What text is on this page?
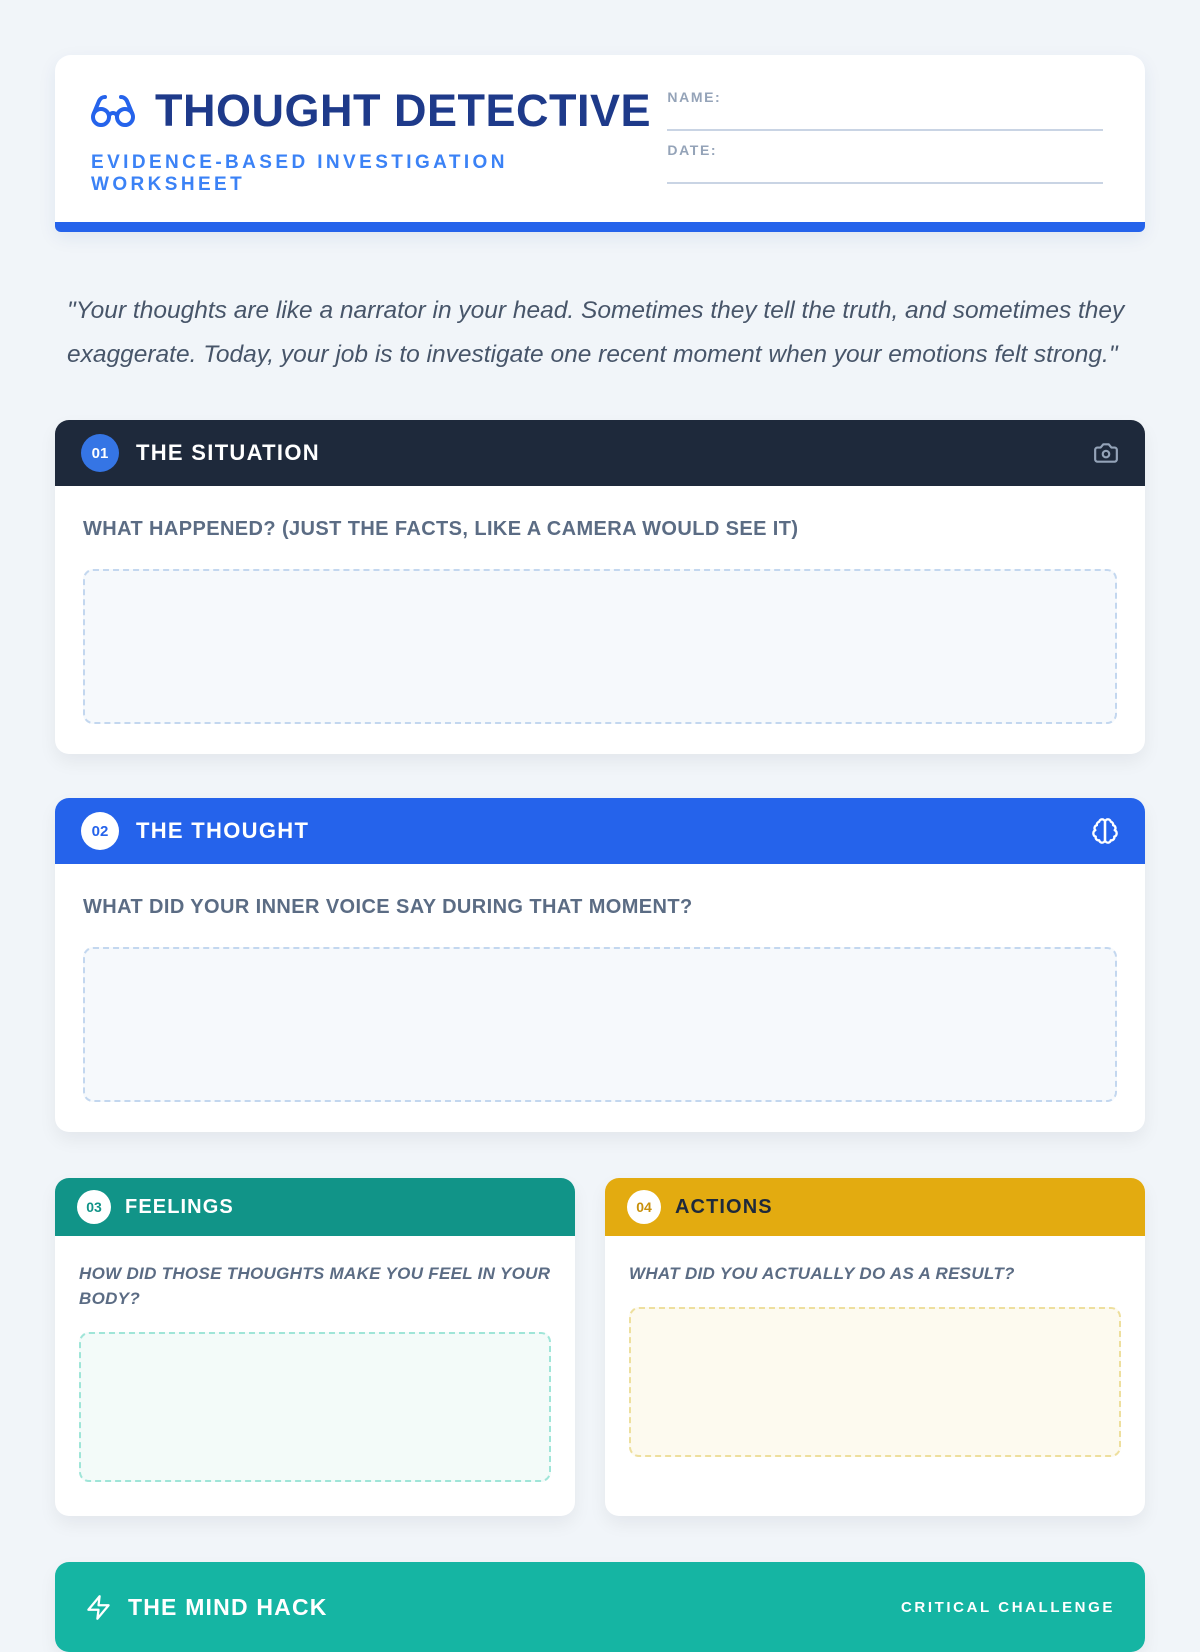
THOUGHT DETECTIVE
EVIDENCE-BASED INVESTIGATION WORKSHEET
NAME:
DATE:

"Your thoughts are like a narrator in your head. Sometimes they tell the truth, and sometimes they exaggerate. Today, your job is to investigate one recent moment when your emotions felt strong."

01	THE SITUATION
WHAT HAPPENED? (JUST THE FACTS, LIKE A CAMERA WOULD SEE IT)
02	THE THOUGHT
WHAT DID YOUR INNER VOICE SAY DURING THAT MOMENT?
03	FEELINGS
HOW DID THOSE THOUGHTS MAKE YOU FEEL IN YOUR BODY?
04	ACTIONS
WHAT DID YOU ACTUALLY DO AS A RESULT?
THE MIND HACK	CRITICAL CHALLENGE
